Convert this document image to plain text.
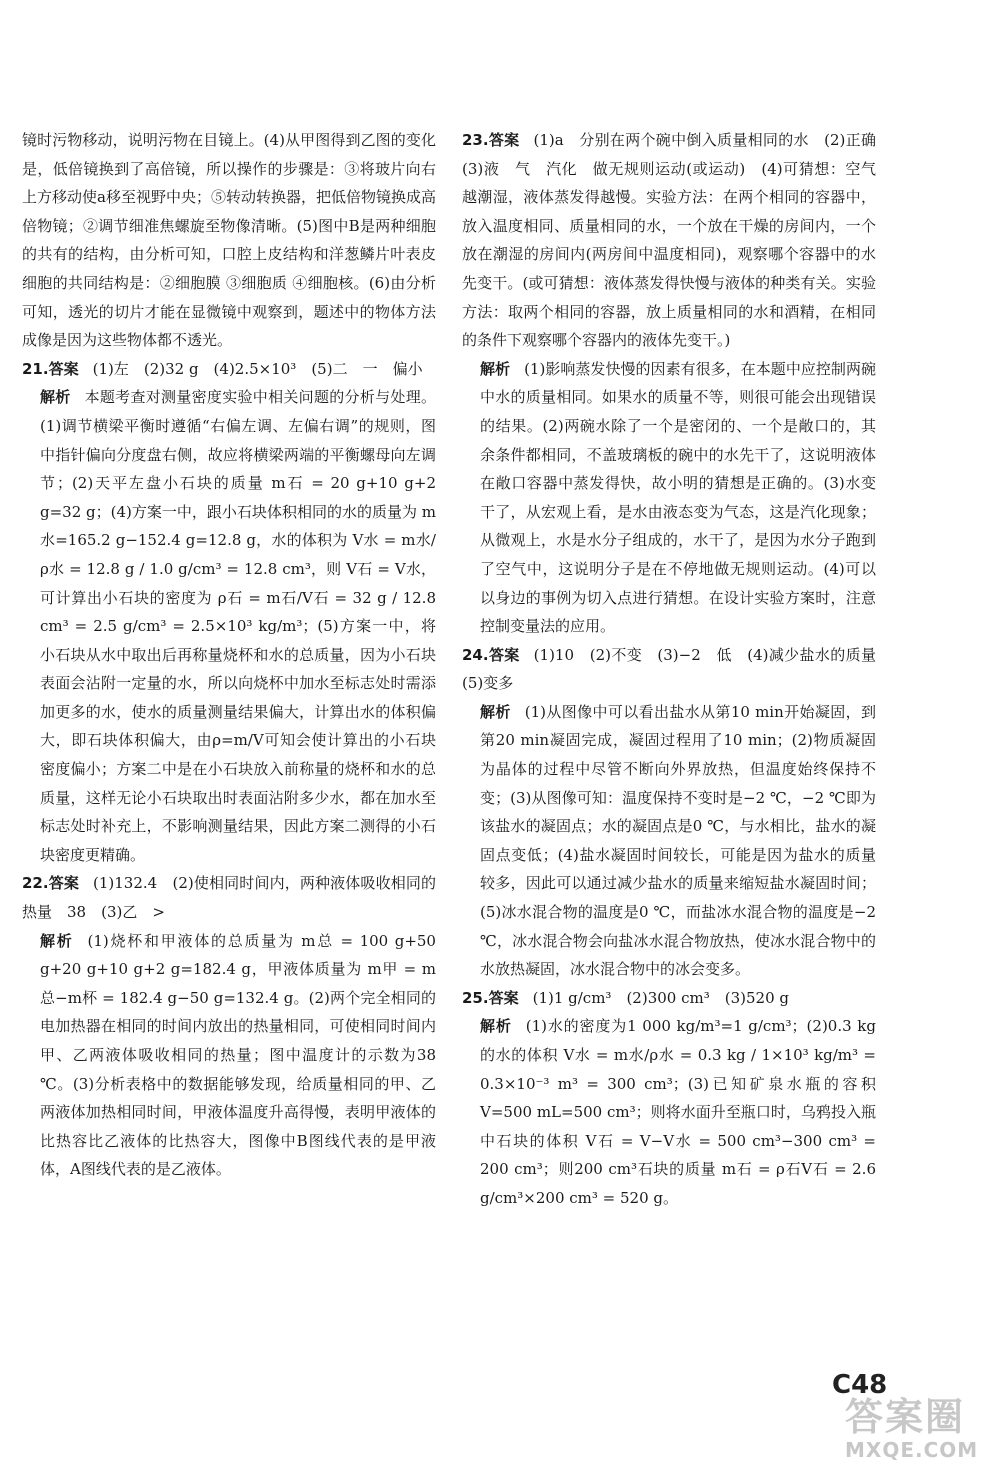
镜时污物移动，说明污物在目镜上。(4)从甲图得到乙图的变化是，低倍镜换到了高倍镜，所以操作的步骤是：③将玻片向右上方移动使a移至视野中央；⑤转动转换器，把低倍物镜换成高倍物镜；②调节细准焦螺旋至物像清晰。(5)图中B是两种细胞的共有的结构，由分析可知，口腔上皮结构和洋葱鳞片叶表皮细胞的共同结构是：②细胞膜 ③细胞质 ④细胞核。(6)由分析可知，透光的切片才能在显微镜中观察到，题述中的物体方法成像是因为这些物体都不透光。

21.答案 (1)左　(2)32 g　(4)2.5×10³　(5)二　一　偏小

解析 本题考查对测量密度实验中相关问题的分析与处理。(1)调节横梁平衡时遵循“右偏左调、左偏右调”的规则，图中指针偏向分度盘右侧，故应将横梁两端的平衡螺母向左调节；(2)天平左盘小石块的质量 m石 = 20 g+10 g+2 g=32 g；(4)方案一中，跟小石块体积相同的水的质量为 m水=165.2 g−152.4 g=12.8 g，水的体积为 V水 = m水/ρ水 = 12.8 g / 1.0 g/cm³ = 12.8 cm³，则 V石 = V水，可计算出小石块的密度为 ρ石 = m石/V石 = 32 g / 12.8 cm³ = 2.5 g/cm³ = 2.5×10³ kg/m³；(5)方案一中，将小石块从水中取出后再称量烧杯和水的总质量，因为小石块表面会沾附一定量的水，所以向烧杯中加水至标志处时需添加更多的水，使水的质量测量结果偏大，计算出水的体积偏大，即石块体积偏大，由ρ=m/V可知会使计算出的小石块密度偏小；方案二中是在小石块放入前称量的烧杯和水的总质量，这样无论小石块取出时表面沾附多少水，都在加水至标志处时补充上，不影响测量结果，因此方案二测得的小石块密度更精确。

22.答案 (1)132.4　(2)使相同时间内，两种液体吸收相同的热量　38　(3)乙　>

解析 (1)烧杯和甲液体的总质量为 m总 = 100 g+50 g+20 g+10 g+2 g=182.4 g，甲液体质量为 m甲 = m总−m杯 = 182.4 g−50 g=132.4 g。(2)两个完全相同的电加热器在相同的时间内放出的热量相同，可使相同时间内甲、乙两液体吸收相同的热量；图中温度计的示数为38 ℃。(3)分析表格中的数据能够发现，给质量相同的甲、乙两液体加热相同时间，甲液体温度升高得慢，表明甲液体的比热容比乙液体的比热容大，图像中B图线代表的是甲液体，A图线代表的是乙液体。

23.答案 (1)a　分别在两个碗中倒入质量相同的水　(2)正确　(3)液　气　汽化　做无规则运动(或运动)　(4)可猜想：空气越潮湿，液体蒸发得越慢。实验方法：在两个相同的容器中，放入温度相同、质量相同的水，一个放在干燥的房间内，一个放在潮湿的房间内(两房间中温度相同)，观察哪个容器中的水先变干。(或可猜想：液体蒸发得快慢与液体的种类有关。实验方法：取两个相同的容器，放上质量相同的水和酒精，在相同的条件下观察哪个容器内的液体先变干。)

解析 (1)影响蒸发快慢的因素有很多，在本题中应控制两碗中水的质量相同。如果水的质量不等，则很可能会出现错误的结果。(2)两碗水除了一个是密闭的、一个是敞口的，其余条件都相同，不盖玻璃板的碗中的水先干了，这说明液体在敞口容器中蒸发得快，故小明的猜想是正确的。(3)水变干了，从宏观上看，是水由液态变为气态，这是汽化现象；从微观上，水是水分子组成的，水干了，是因为水分子跑到了空气中，这说明分子是在不停地做无规则运动。(4)可以以身边的事例为切入点进行猜想。在设计实验方案时，注意控制变量法的应用。

24.答案 (1)10　(2)不变　(3)−2　低　(4)减少盐水的质量　(5)变多

解析 (1)从图像中可以看出盐水从第10 min开始凝固，到第20 min凝固完成，凝固过程用了10 min；(2)物质凝固为晶体的过程中尽管不断向外界放热，但温度始终保持不变；(3)从图像可知：温度保持不变时是−2 ℃，−2 ℃即为该盐水的凝固点；水的凝固点是0 ℃，与水相比，盐水的凝固点变低；(4)盐水凝固时间较长，可能是因为盐水的质量较多，因此可以通过减少盐水的质量来缩短盐水凝固时间；(5)冰水混合物的温度是0 ℃，而盐冰水混合物的温度是−2 ℃，冰水混合物会向盐冰水混合物放热，使冰水混合物中的水放热凝固，冰水混合物中的冰会变多。

25.答案 (1)1 g/cm³　(2)300 cm³　(3)520 g

解析 (1)水的密度为1 000 kg/m³=1 g/cm³；(2)0.3 kg的水的体积 V水 = m水/ρ水 = 0.3 kg / 1×10³ kg/m³ = 0.3×10⁻³ m³ = 300 cm³；(3)已知矿泉水瓶的容积 V=500 mL=500 cm³；则将水面升至瓶口时，乌鸦投入瓶中石块的体积 V石 = V−V水 = 500 cm³−300 cm³ = 200 cm³；则200 cm³石块的质量 m石 = ρ石V石 = 2.6 g/cm³×200 cm³ = 520 g。

C48
答案圈
MXQE.COM
